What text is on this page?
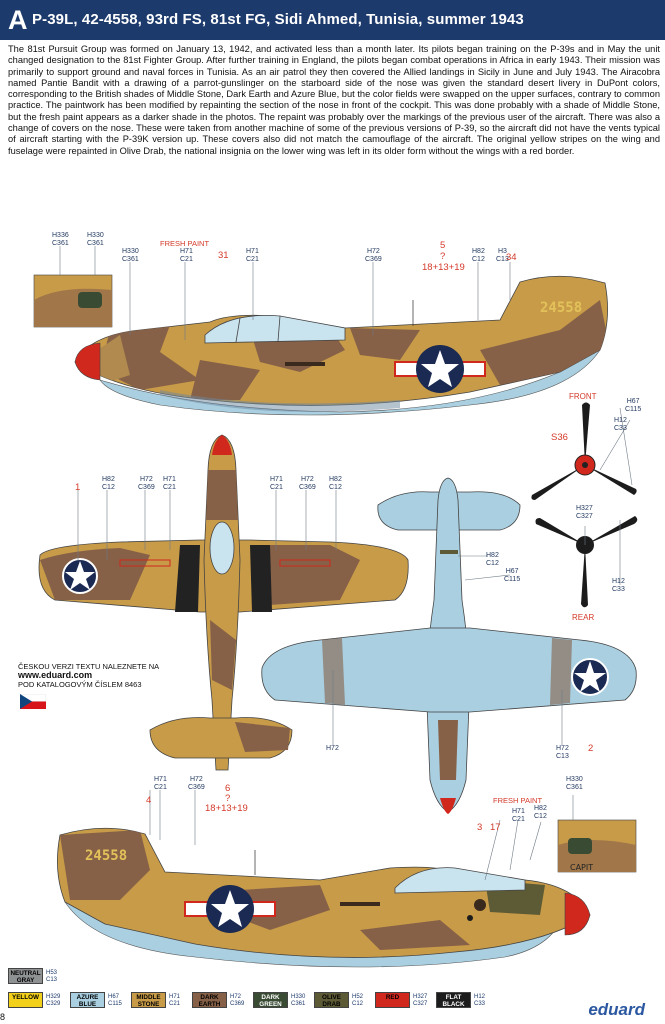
A P-39L, 42-4558, 93rd FS, 81st FG, Sidi Ahmed, Tunisia, summer 1943
The 81st Pursuit Group was formed on January 13, 1942, and activated less than a month later. Its pilots began training on the P-39s and in May the unit changed designation to the 81st Fighter Group. After further training in England, the pilots began combat operations in Africa in early 1943. Their mission was primarily to support ground and naval forces in Tunisia. As an air patrol they then covered the Allied landings in Sicily in June and July 1943. The Airacobra named Pantie Bandit with a drawing of a parrot-gunslinger on the starboard side of the nose was given the standard desert livery in DuPont colors, corresponding to the British shades of Middle Stone, Dark Earth and Azure Blue, but the color fields were swapped on the upper surfaces, contrary to common practice. The paintwork has been modified by repainting the section of the nose in front of the cockpit. This was done probably with a shade of Middle Stone, but the fresh paint appears as a darker shade in the photos. The repaint was probably over the markings of the previous user of the aircraft. There was also a change of covers on the nose. These were taken from another machine of some of the previous versions of P-39, so the aircraft did not have the vents typical of aircraft starting with the P-39K version up. These covers also did not match the camouflage of the aircraft. The original yellow stripes on the wing and fuselage were repainted in Olive Drab, the national insignia on the lower wing was left in its older form without the wings with a red border.
24558
24558
CAPIT
H336
C361
H330
C361
H330
C361
H71
C21
H71
C21
H72
C369
H82
C12
H3
C13
FRESH PAINT
31
5
?
18+13+19
34
H82
C12
H72
C369
H71
C21
H71
C21
H72
C369
H82
C12
H82
C12
H67
C115
H67
C115
H12
C33
H327
C327
H12
C33
H72	H72
C13
H71
C21
H72
C369
H82
C12
H71
C21
H330
C361
1
FRONT
S36
REAR
2
4
6
?
18+13+19
FRESH PAINT
3 17
ČESKOU VERZI TEXTU NALEZNETE NA
www.eduard.com
POD KATALOGOVÝM ČÍSLEM 8463
NEUTRAL GRAY
H53 C13
YELLOW	H329 C329
AZURE BLUE
H67 C115
MIDDLE STONE
H71 C21
DARK EARTH
H72 C369
DARK GREEN
H330 C361
OLIVE DRAB
H52 C12
RED	H327 C327
FLAT BLACK
H12 C33	eduard
8
